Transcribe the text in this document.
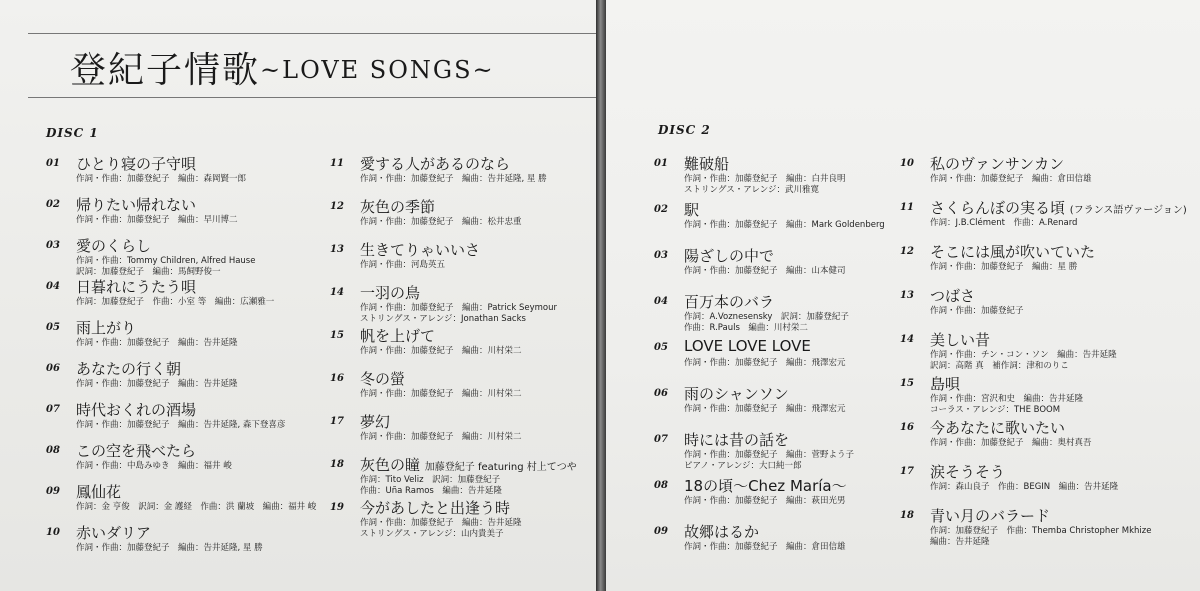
登紀子情歌~LOVE SONGS~
DISC 1
01 ひとり寝の子守唄
作詞・作曲：加藤登紀子　編曲：森岡賢一郎
02 帰りたい帰れない
作詞・作曲：加藤登紀子　編曲：早川博二
03 愛のくらし
作詞・作曲：Tommy Children, Alfred Hause
訳詞：加藤登紀子　編曲：馬飼野俊一
04 日暮れにうたう唄
作詞：加藤登紀子　作曲：小室 等　編曲：広瀬雅一
05 雨上がり
作詞・作曲：加藤登紀子　編曲：告井延隆
06 あなたの行く朝
作詞・作曲：加藤登紀子　編曲：告井延隆
07 時代おくれの酒場
作詞・作曲：加藤登紀子　編曲：告井延隆, 森下登喜彦
08 この空を飛べたら
作詞・作曲：中島みゆき　編曲：福井 峻
09 鳳仙花
作詞：金 亨俊　訳詞：金 護経　作曲：洪 蘭坡　編曲：福井 峻
10 赤いダリア
作詞・作曲：加藤登紀子　編曲：告井延隆, 星 勝
11 愛する人があるのなら
作詞・作曲：加藤登紀子　編曲：告井延隆, 星 勝
12 灰色の季節
作詞・作曲：加藤登紀子　編曲：松井忠重
13 生きてりゃいいさ
作詞・作曲：河島英五
14 一羽の鳥
作詞・作曲：加藤登紀子　編曲：Patrick Seymour
ストリングス・アレンジ：Jonathan Sacks
15 帆を上げて
作詞・作曲：加藤登紀子　編曲：川村栄二
16 冬の螢
作詞・作曲：加藤登紀子　編曲：川村栄二
17 夢幻
作詞・作曲：加藤登紀子　編曲：川村栄二
18 灰色の瞳 加藤登紀子 featuring 村上てつや
作詞：Tito Veliz　訳詞：加藤登紀子
作曲：Uña Ramos　編曲：告井延隆
19 今があしたと出逢う時
作詞・作曲：加藤登紀子　編曲：告井延隆
ストリングス・アレンジ：山内貴美子
DISC 2
01 難破船
作詞・作曲：加藤登紀子　編曲：白井良明
ストリングス・アレンジ：武川雅寛
02 駅
作詞・作曲：加藤登紀子　編曲：Mark Goldenberg
03 陽ざしの中で
作詞・作曲：加藤登紀子　編曲：山本健司
04 百万本のバラ
作詞：A.Voznesensky　訳詞：加藤登紀子
作曲：R.Pauls　編曲：川村栄二
05 LOVE LOVE LOVE
作詞・作曲：加藤登紀子　編曲：飛澤宏元
06 雨のシャンソン
作詞・作曲：加藤登紀子　編曲：飛澤宏元
07 時には昔の話を
作詞・作曲：加藤登紀子　編曲：菅野よう子
ピアノ・アレンジ：大口純一郎
08 18の頃～Chez María～
作詞・作曲：加藤登紀子　編曲：萩田光男
09 故郷はるか
作詞・作曲：加藤登紀子　編曲：倉田信雄
10 私のヴァンサンカン
作詞・作曲：加藤登紀子　編曲：倉田信雄
11 さくらんぼの実る頃 (フランス語ヴァージョン)
作詞：J.B.Clément　作曲：A.Renard
12 そこには風が吹いていた
作詞・作曲：加藤登紀子　編曲：星 勝
13 つばさ
作詞・作曲：加藤登紀子
14 美しい昔
作詞・作曲：チン・コン・ソン　編曲：告井延隆
訳詞：高階 真　補作詞：津和のりこ
15 島唄
作詞・作曲：宮沢和史　編曲：告井延隆
コーラス・アレンジ：THE BOOM
16 今あなたに歌いたい
作詞・作曲：加藤登紀子　編曲：奥村真吾
17 涙そうそう
作詞：森山良子　作曲：BEGIN　編曲：告井延隆
18 青い月のバラード
作詞：加藤登紀子　作曲：Themba Christopher Mkhize
編曲：告井延隆
